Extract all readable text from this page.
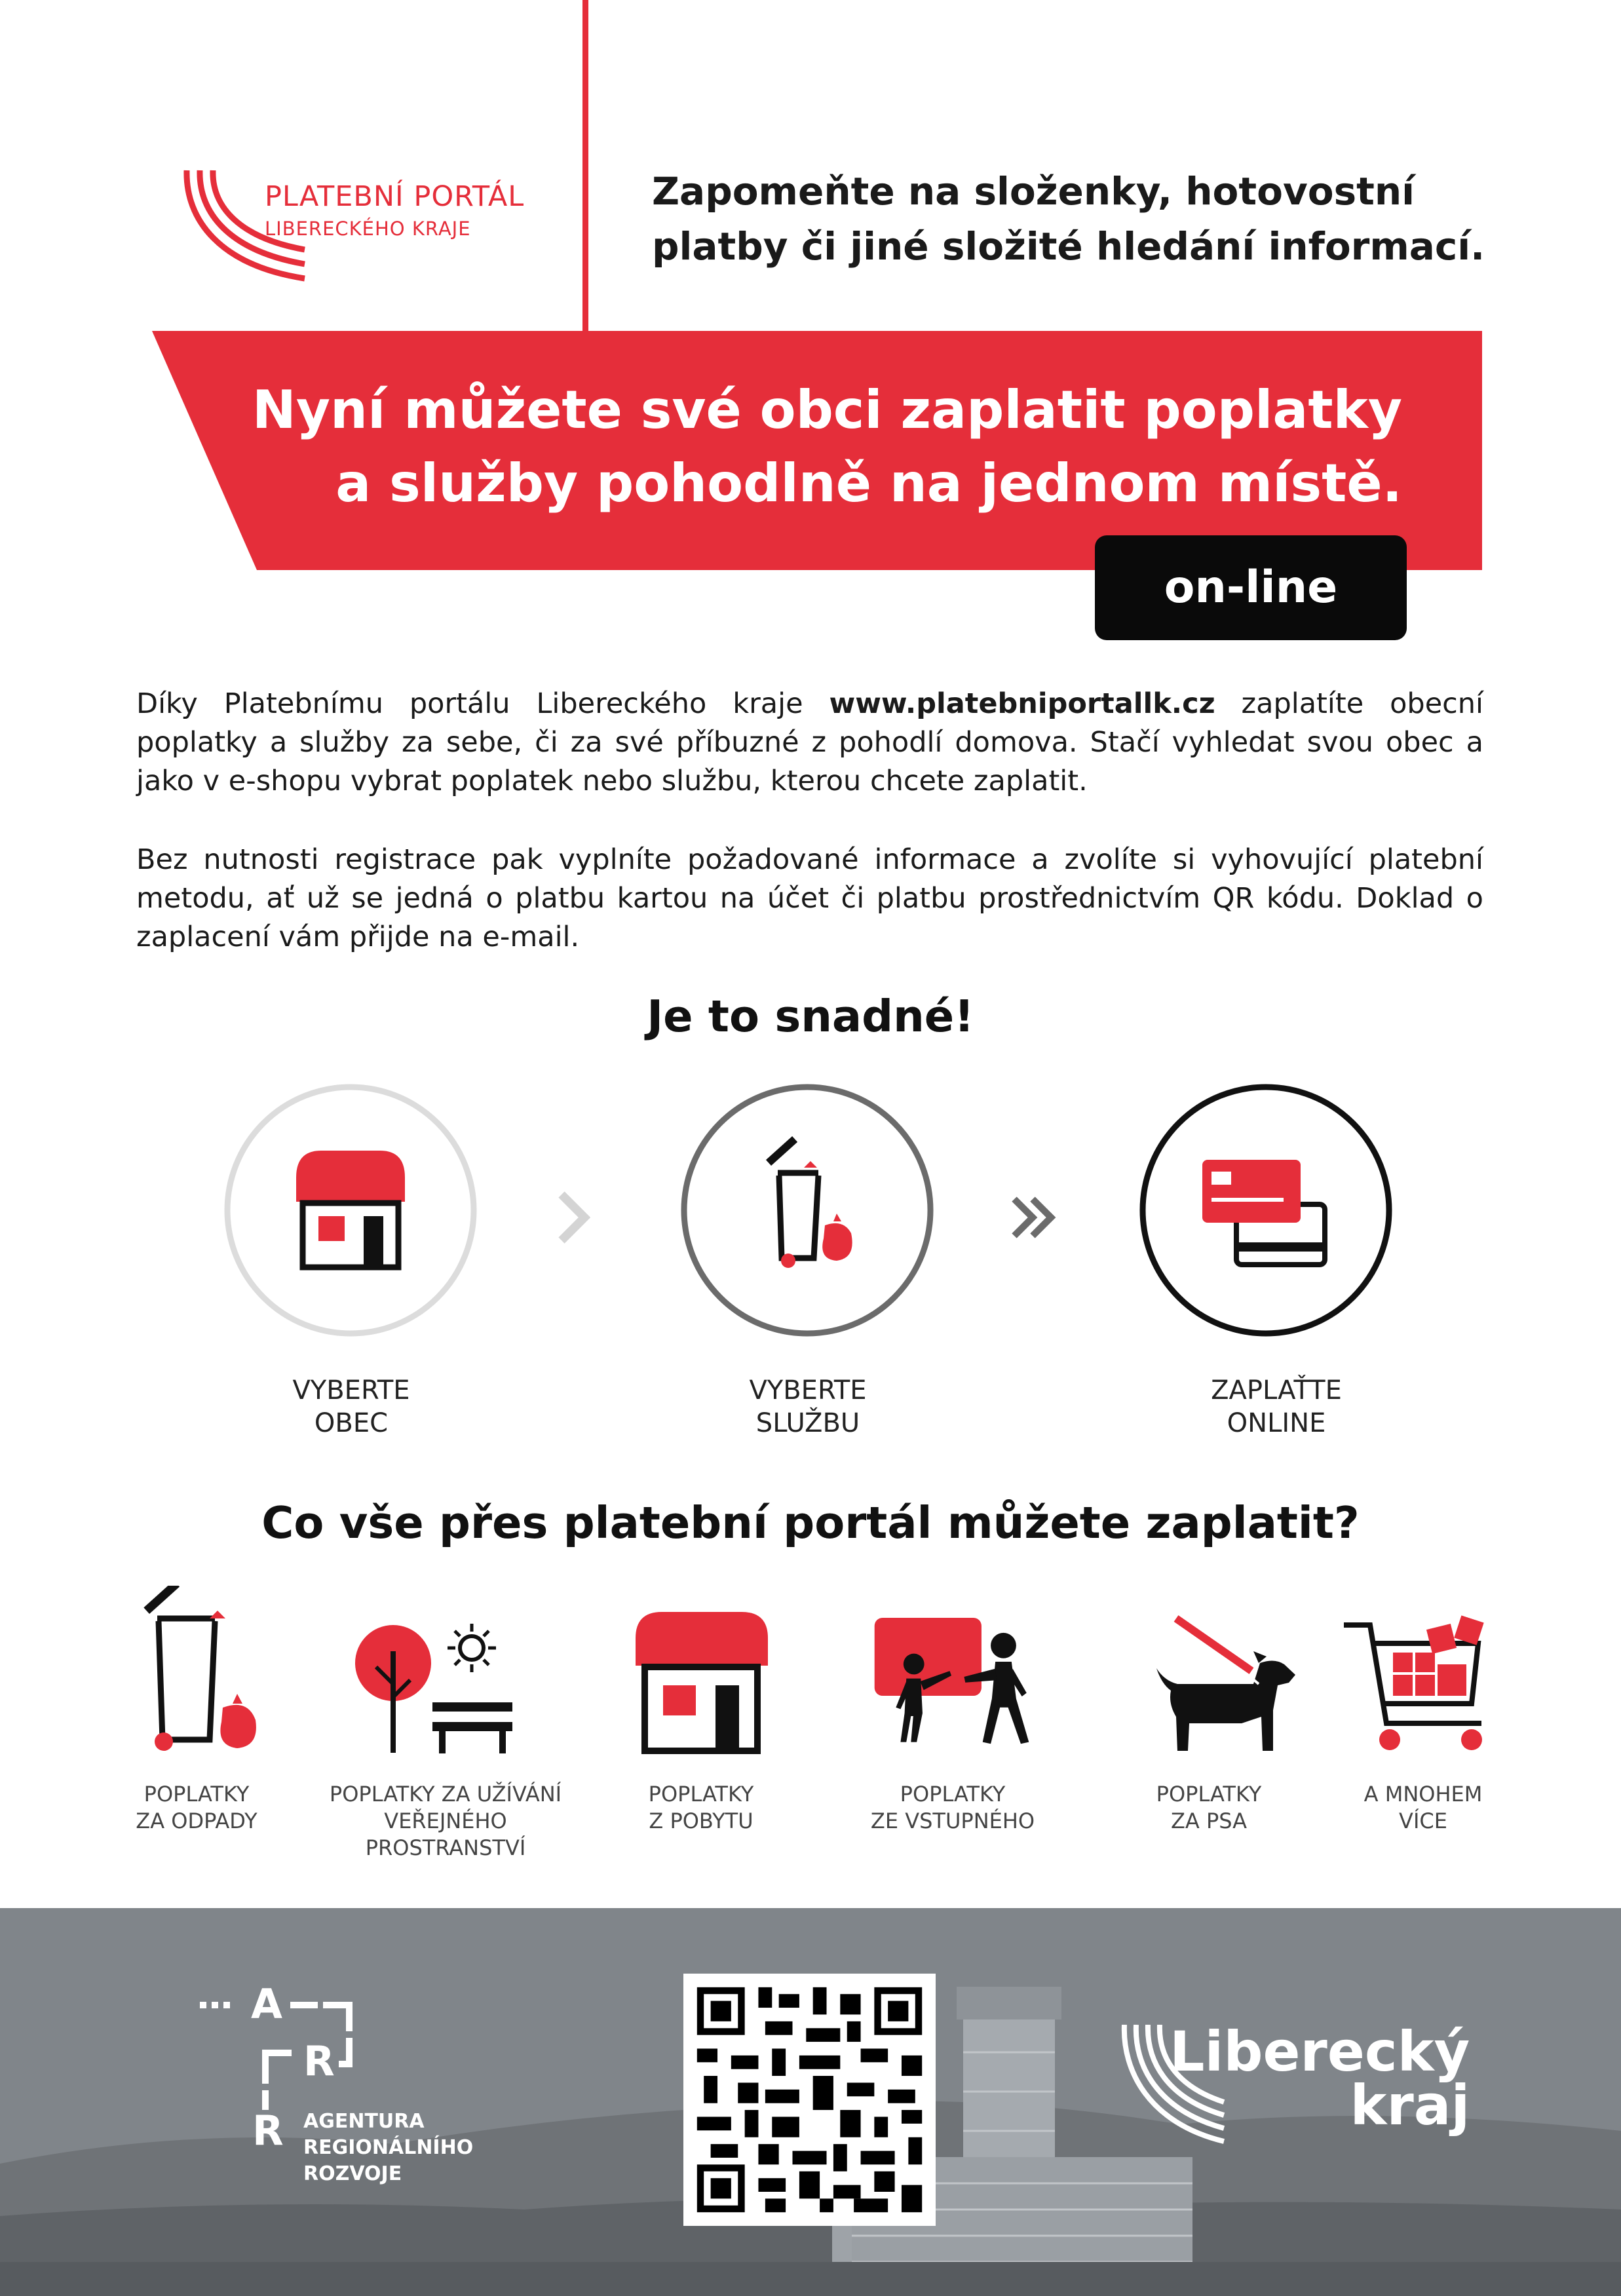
PLATEBNÍ PORTÁL
LIBERECKÉHO KRAJE
Zapomeňte na složenky, hotovostní
platby či jiné složité hledání informací.
Nyní můžete své obci zaplatit poplatky
a služby pohodlně na jednom místě.
on-line
Díky Platebnímu portálu Libereckého kraje www.platebniportallk.cz zaplatíte obecní poplatky a služby za sebe, či za své příbuzné z pohodlí domova. Stačí vyhledat svou obec a jako v e-shopu vybrat poplatek nebo službu, kterou chcete zaplatit.
Bez nutnosti registrace pak vyplníte požadované informace a zvolíte si vyhovující platební metodu, ať už se jedná o platbu kartou na účet či platbu prostřednictvím QR kódu. Doklad o zaplacení vám přijde na e-mail.
Je to snadné!
VYBERTE
OBEC
VYBERTE
SLUŽBU
ZAPLAŤTE
ONLINE
Co vše přes platební portál můžete zaplatit?
POPLATKY
ZA ODPADY
POPLATKY ZA UŽÍVÁNÍ
VEŘEJNÉHO
PROSTRANSTVÍ
POPLATKY
Z POBYTU
POPLATKY
ZE VSTUPNÉHO
POPLATKY
ZA PSA
A MNOHEM
VÍCE
A
R
R AGENTURA
REGIONÁLNÍHO
ROZVOJE
Liberecký
kraj
